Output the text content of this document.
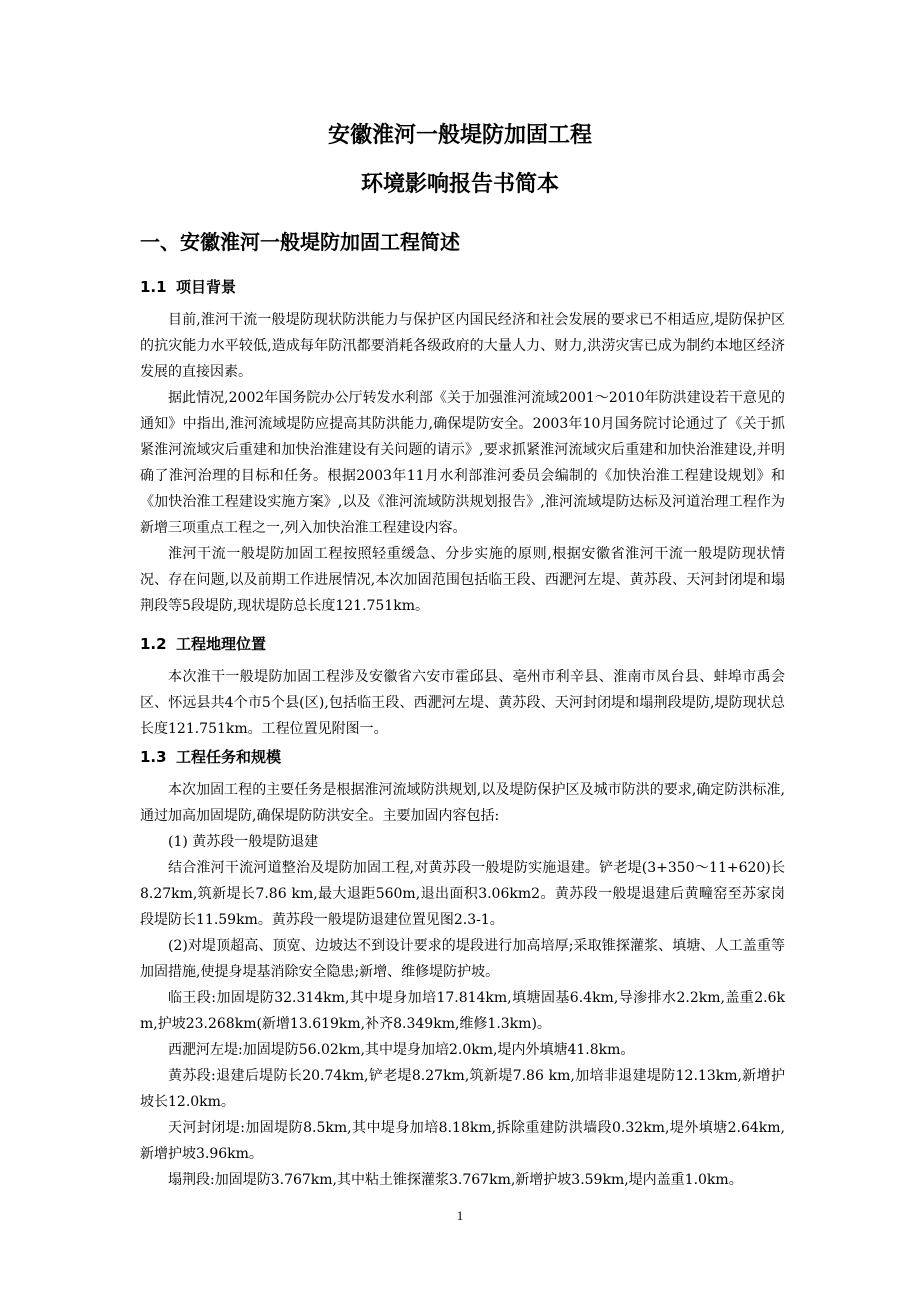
安徽淮河一般堤防加固工程
环境影响报告书简本
一、安徽淮河一般堤防加固工程简述
1.1 项目背景

目前,淮河干流一般堤防现状防洪能力与保护区内国民经济和社会发展的要求已不相适应,堤防保护区的抗灾能力水平较低,造成每年防汛都要消耗各级政府的大量人力、财力,洪涝灾害已成为制约本地区经济发展的直接因素。

据此情况,2002年国务院办公厅转发水利部《关于加强淮河流域2001～2010年防洪建设若干意见的通知》中指出,淮河流域堤防应提高其防洪能力,确保堤防安全。2003年10月国务院讨论通过了《关于抓紧淮河流域灾后重建和加快治淮建设有关问题的请示》,要求抓紧淮河流域灾后重建和加快治淮建设,并明确了淮河治理的目标和任务。根据2003年11月水利部淮河委员会编制的《加快治淮工程建设规划》和《加快治淮工程建设实施方案》,以及《淮河流域防洪规划报告》,淮河流域堤防达标及河道治理工程作为新增三项重点工程之一,列入加快治淮工程建设内容。

淮河干流一般堤防加固工程按照轻重缓急、分步实施的原则,根据安徽省淮河干流一般堤防现状情况、存在问题,以及前期工作进展情况,本次加固范围包括临王段、西淝河左堤、黄苏段、天河封闭堤和塌荆段等5段堤防,现状堤防总长度121.751km。

1.2 工程地理位置

本次淮干一般堤防加固工程涉及安徽省六安市霍邱县、亳州市利辛县、淮南市凤台县、蚌埠市禹会区、怀远县共4个市5个县(区),包括临王段、西淝河左堤、黄苏段、天河封闭堤和塌荆段堤防,堤防现状总长度121.751km。工程位置见附图一。

1.3 工程任务和规模

本次加固工程的主要任务是根据淮河流域防洪规划,以及堤防保护区及城市防洪的要求,确定防洪标准,通过加高加固堤防,确保堤防防洪安全。主要加固内容包括:

(1) 黄苏段一般堤防退建

结合淮河干流河道整治及堤防加固工程,对黄苏段一般堤防实施退建。铲老堤(3+350～11+620)长8.27km,筑新堤长7.86 km,最大退距560m,退出面积3.06km2。黄苏段一般堤退建后黄疃窑至苏家岗段堤防长11.59km。黄苏段一般堤防退建位置见图2.3-1。

(2)对堤顶超高、顶宽、边坡达不到设计要求的堤段进行加高培厚;采取锥探灌浆、填塘、人工盖重等加固措施,使提身堤基消除安全隐患;新增、维修堤防护坡。

临王段:加固堤防32.314km,其中堤身加培17.814km,填塘固基6.4km,导渗排水2.2km,盖重2.6km,护坡23.268km(新增13.619km,补齐8.349km,维修1.3km)。

西淝河左堤:加固堤防56.02km,其中堤身加培2.0km,堤内外填塘41.8km。

黄苏段:退建后堤防长20.74km,铲老堤8.27km,筑新堤7.86 km,加培非退建堤防12.13km,新增护坡长12.0km。

天河封闭堤:加固堤防8.5km,其中堤身加培8.18km,拆除重建防洪墙段0.32km,堤外填塘2.64km,新增护坡3.96km。

塌荆段:加固堤防3.767km,其中粘土锥探灌浆3.767km,新增护坡3.59km,堤内盖重1.0km。

1
